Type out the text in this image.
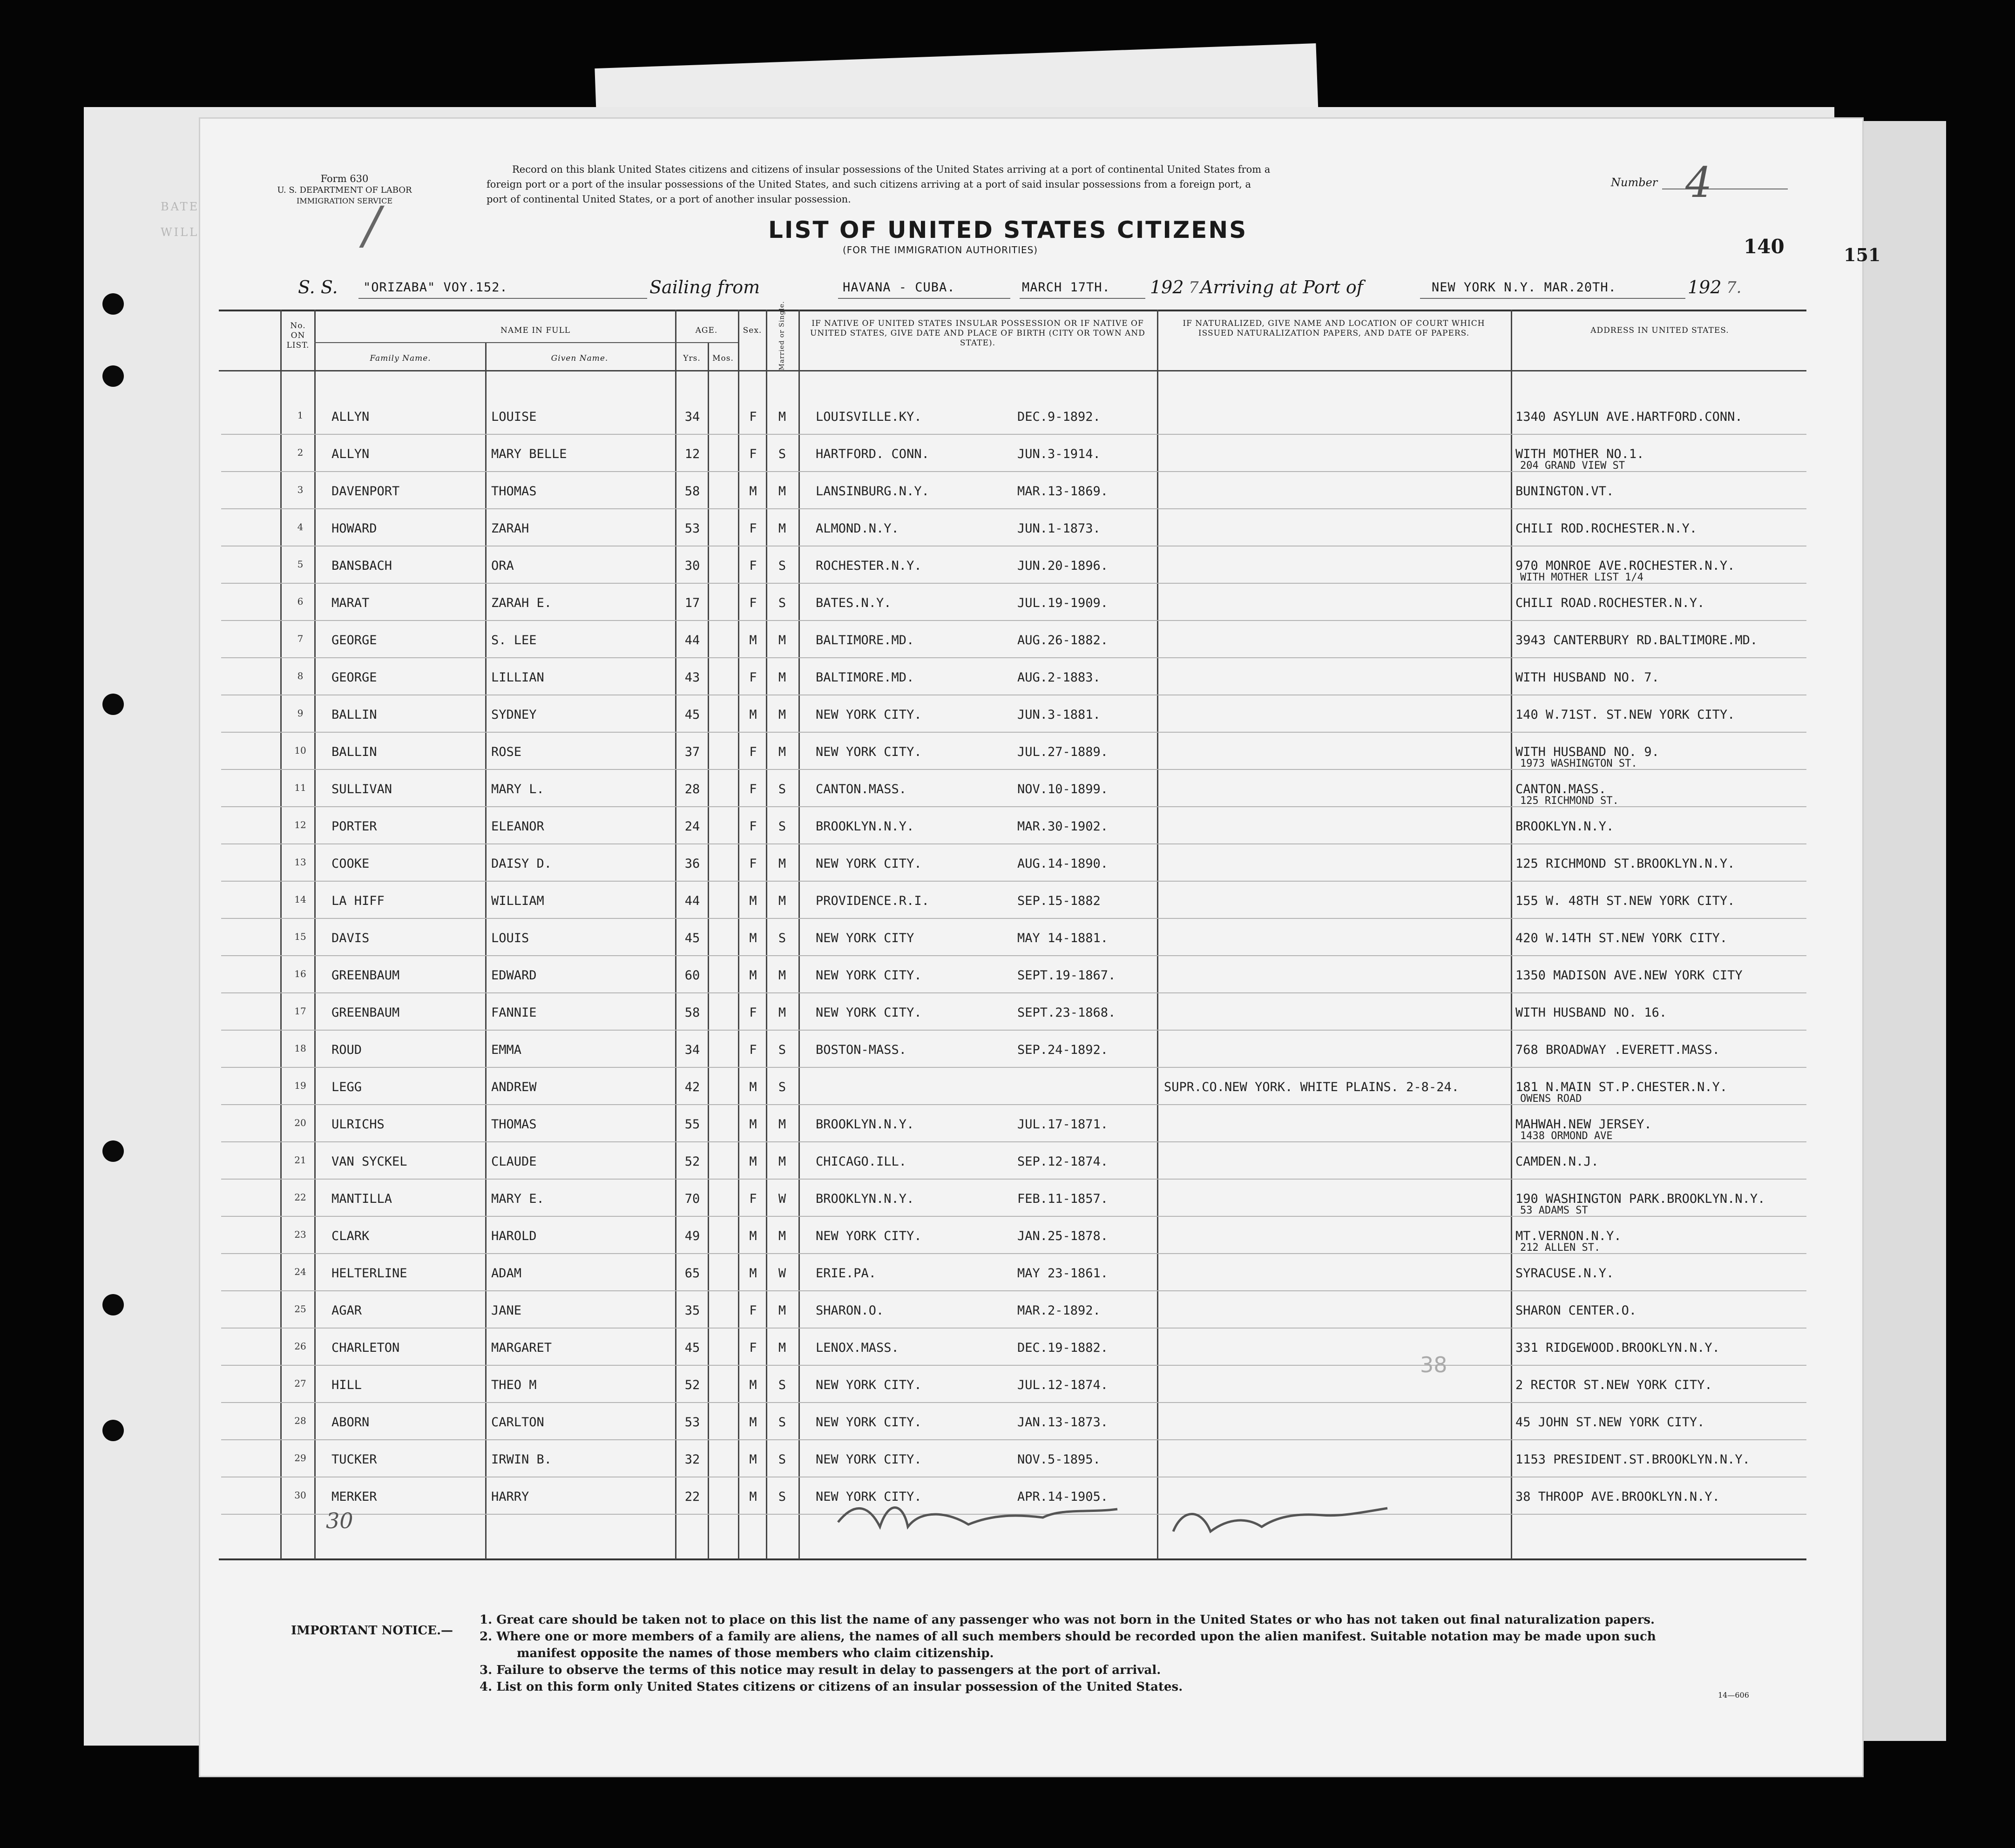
BATE
WILL
Form 630
U. S. DEPARTMENT OF LABOR
IMMIGRATION SERVICE
Record on this blank United States citizens and citizens of insular possessions of the United States arriving at a port of continental United States from a
foreign port or a port of the insular possessions of the United States, and such citizens arriving at a port of said insular possessions from a foreign port, a
port of continental United States, or a port of another insular possession.
Number 4
LIST OF UNITED STATES CITIZENS
(FOR THE IMMIGRATION AUTHORITIES)	140	151
/
S. S. "ORIZABA" VOY.152.	Sailing from	HAVANA - CUBA.	MARCH 17TH. 192 7 Arriving at Port of	NEW YORK N.Y. MAR.20TH.	192 7.
No. ON LIST.
NAME IN FULL
Family Name.	Given Name.
AGE.
Yrs.	Mos.
Sex.	Married or Single.	IF NATIVE OF UNITED STATES INSULAR POSSESSION OR IF NATIVE OF UNITED STATES, GIVE DATE AND PLACE OF BIRTH (CITY OR TOWN AND STATE).
IF NATURALIZED, GIVE NAME AND LOCATION OF COURT WHICH ISSUED NATURALIZATION PAPERS, AND DATE OF PAPERS.	ADDRESS IN UNITED STATES.
1	ALLYN	LOUISE	34	F	M	LOUISVILLE.KY.	DEC.9-1892.	1340 ASYLUN AVE.HARTFORD.CONN.
2	ALLYN	MARY BELLE	12	F	S	HARTFORD. CONN.	JUN.3-1914.	WITH MOTHER NO.1.
204 GRAND VIEW ST
3	DAVENPORT	THOMAS	58	M	M	LANSINBURG.N.Y.	MAR.13-1869.	BUNINGTON.VT.
4	HOWARD	ZARAH	53	F	M	ALMOND.N.Y.	JUN.1-1873.	CHILI ROD.ROCHESTER.N.Y.
5	BANSBACH	ORA	30	F	S	ROCHESTER.N.Y.	JUN.20-1896.	970 MONROE AVE.ROCHESTER.N.Y.
WITH MOTHER LIST 1/4
6	MARAT	ZARAH E.	17	F	S	BATES.N.Y.	JUL.19-1909.	CHILI ROAD.ROCHESTER.N.Y.
7	GEORGE	S. LEE	44	M	M	BALTIMORE.MD.	AUG.26-1882.	3943 CANTERBURY RD.BALTIMORE.MD.
8	GEORGE	LILLIAN	43	F	M	BALTIMORE.MD.	AUG.2-1883.	WITH HUSBAND NO. 7.
9	BALLIN	SYDNEY	45	M	M	NEW YORK CITY.	JUN.3-1881.	140 W.71ST. ST.NEW YORK CITY.
10	BALLIN	ROSE	37	F	M	NEW YORK CITY.	JUL.27-1889.	WITH HUSBAND NO. 9.
1973 WASHINGTON ST.
11	SULLIVAN	MARY L.	28	F	S	CANTON.MASS.	NOV.10-1899.	CANTON.MASS.
125 RICHMOND ST.
12	PORTER	ELEANOR	24	F	S	BROOKLYN.N.Y.	MAR.30-1902.	BROOKLYN.N.Y.
13	COOKE	DAISY D.	36	F	M	NEW YORK CITY.	AUG.14-1890.	125 RICHMOND ST.BROOKLYN.N.Y.
14	LA HIFF	WILLIAM	44	M	M	PROVIDENCE.R.I.	SEP.15-1882	155 W. 48TH ST.NEW YORK CITY.
15	DAVIS	LOUIS	45	M	S	NEW YORK CITY	MAY 14-1881.	420 W.14TH ST.NEW YORK CITY.
16	GREENBAUM	EDWARD	60	M	M	NEW YORK CITY.	SEPT.19-1867.	1350 MADISON AVE.NEW YORK CITY
17	GREENBAUM	FANNIE	58	F	M	NEW YORK CITY.	SEPT.23-1868.	WITH HUSBAND NO. 16.
18	ROUD	EMMA	34	F	S	BOSTON-MASS.	SEP.24-1892.	768 BROADWAY .EVERETT.MASS.
19	LEGG	ANDREW	42	M	S	SUPR.CO.NEW YORK. WHITE PLAINS. 2-8-24.	181 N.MAIN ST.P.CHESTER.N.Y.
OWENS ROAD
20	ULRICHS	THOMAS	55	M	M	BROOKLYN.N.Y.	JUL.17-1871.	MAHWAH.NEW JERSEY.
1438 ORMOND AVE
21	VAN SYCKEL	CLAUDE	52	M	M	CHICAGO.ILL.	SEP.12-1874.	CAMDEN.N.J.
22	MANTILLA	MARY E.	70	F	W	BROOKLYN.N.Y.	FEB.11-1857.	190 WASHINGTON PARK.BROOKLYN.N.Y.
53 ADAMS ST
23	CLARK	HAROLD	49	M	M	NEW YORK CITY.	JAN.25-1878.	MT.VERNON.N.Y.
212 ALLEN ST.
24	HELTERLINE	ADAM	65	M	W	ERIE.PA.	MAY 23-1861.	SYRACUSE.N.Y.
25	AGAR	JANE	35	F	M	SHARON.O.	MAR.2-1892.	SHARON CENTER.O.
26	CHARLETON	MARGARET	45	F	M	LENOX.MASS.	DEC.19-1882.	331 RIDGEWOOD.BROOKLYN.N.Y.
27	HILL	THEO M	52	M	S	NEW YORK CITY.	JUL.12-1874.	2 RECTOR ST.NEW YORK CITY.
28	ABORN	CARLTON	53	M	S	NEW YORK CITY.	JAN.13-1873.	45 JOHN ST.NEW YORK CITY.
29	TUCKER	IRWIN B.	32	M	S	NEW YORK CITY.	NOV.5-1895.	1153 PRESIDENT.ST.BROOKLYN.N.Y.
30	MERKER	HARRY	22	M	S	NEW YORK CITY.	APR.14-1905.	38 THROOP AVE.BROOKLYN.N.Y.
30
38
IMPORTANT NOTICE.—
1. Great care should be taken not to place on this list the name of any passenger who was not born in the United States or who has not taken out final naturalization papers.
2. Where one or more members of a family are aliens, the names of all such members should be recorded upon the alien manifest. Suitable notation may be made upon such
manifest opposite the names of those members who claim citizenship.
3. Failure to observe the terms of this notice may result in delay to passengers at the port of arrival.
4. List on this form only United States citizens or citizens of an insular possession of the United States.
14—606
